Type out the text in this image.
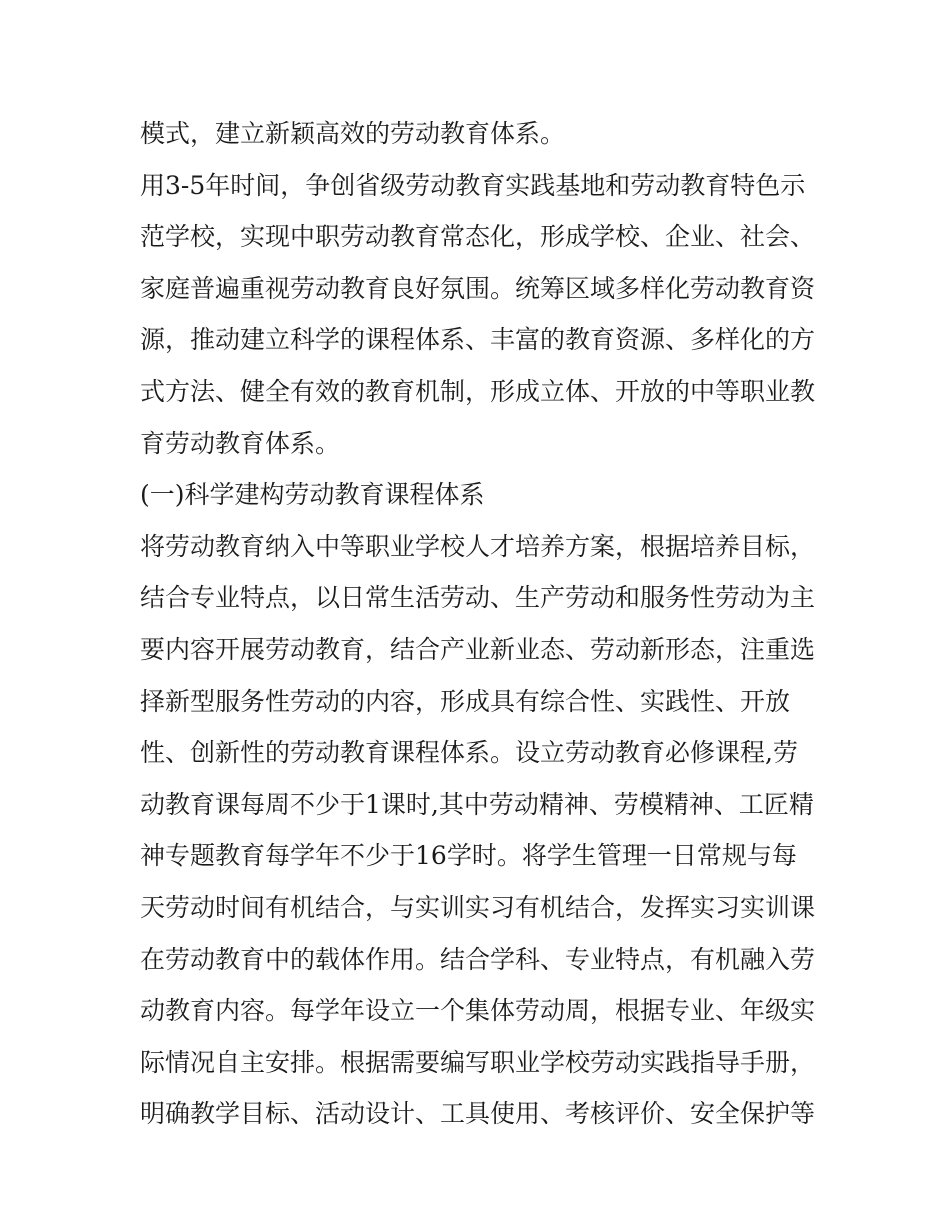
模式，建立新颖高效的劳动教育体系。
用3-5年时间，争创省级劳动教育实践基地和劳动教育特色示
范学校，实现中职劳动教育常态化，形成学校、企业、社会、
家庭普遍重视劳动教育良好氛围。统筹区域多样化劳动教育资
源，推动建立科学的课程体系、丰富的教育资源、多样化的方
式方法、健全有效的教育机制，形成立体、开放的中等职业教
育劳动教育体系。
(一)科学建构劳动教育课程体系
将劳动教育纳入中等职业学校人才培养方案，根据培养目标，
结合专业特点，以日常生活劳动、生产劳动和服务性劳动为主
要内容开展劳动教育，结合产业新业态、劳动新形态，注重选
择新型服务性劳动的内容，形成具有综合性、实践性、开放
性、创新性的劳动教育课程体系。设立劳动教育必修课程,劳
动教育课每周不少于1课时,其中劳动精神、劳模精神、工匠精
神专题教育每学年不少于16学时。将学生管理一日常规与每
天劳动时间有机结合，与实训实习有机结合，发挥实习实训课
在劳动教育中的载体作用。结合学科、专业特点，有机融入劳
动教育内容。每学年设立一个集体劳动周，根据专业、年级实
际情况自主安排。根据需要编写职业学校劳动实践指导手册，
明确教学目标、活动设计、工具使用、考核评价、安全保护等
